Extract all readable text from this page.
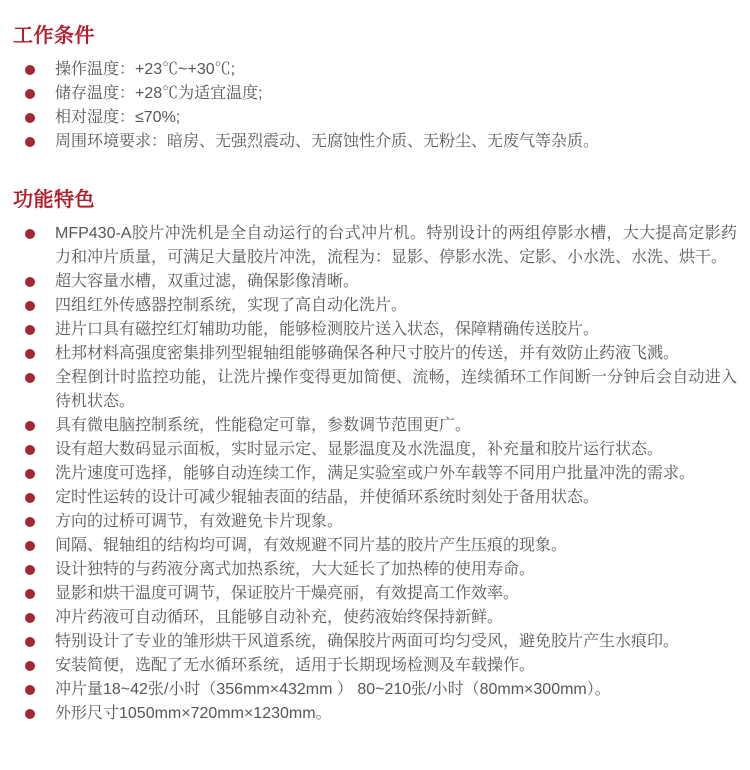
工作条件
操作温度：+23℃~+30℃;
储存温度：+28℃为适宜温度;
相对湿度：≤70%;
周围环境要求：暗房、无强烈震动、无腐蚀性介质、无粉尘、无废气等杂质。
功能特色
MFP430-A胶片冲洗机是全自动运行的台式冲片机。特别设计的两组停影水槽，大大提高定影药力和冲片质量，可满足大量胶片冲洗，流程为：显影、停影水洗、定影、小水洗、水洗、烘干。
超大容量水槽，双重过滤，确保影像清晰。
四组红外传感器控制系统，实现了高自动化洗片。
进片口具有磁控红灯辅助功能，能够检测胶片送入状态，保障精确传送胶片。
杜邦材料高强度密集排列型辊轴组能够确保各种尺寸胶片的传送，并有效防止药液飞溅。
全程倒计时监控功能，让洗片操作变得更加简便、流畅，连续循环工作间断一分钟后会自动进入待机状态。
具有微电脑控制系统，性能稳定可靠，参数调节范围更广。
设有超大数码显示面板，实时显示定、显影温度及水洗温度，补充量和胶片运行状态。
洗片速度可选择，能够自动连续工作，满足实验室或户外车载等不同用户批量冲洗的需求。
定时性运转的设计可减少辊轴表面的结晶，并使循环系统时刻处于备用状态。
方向的过桥可调节，有效避免卡片现象。
间隔、辊轴组的结构均可调，有效规避不同片基的胶片产生压痕的现象。
设计独特的与药液分离式加热系统，大大延长了加热棒的使用寿命。
显影和烘干温度可调节，保证胶片干燥亮丽，有效提高工作效率。
冲片药液可自动循环，且能够自动补充，使药液始终保持新鲜。
特别设计了专业的雏形烘干风道系统，确保胶片两面可均匀受风，避免胶片产生水痕印。
安装简便，选配了无水循环系统，适用于长期现场检测及车载操作。
冲片量18~42张/小时（356mm×432mm ） 80~210张/小时（80mm×300mm）。
外形尺寸1050mm×720mm×1230mm。
